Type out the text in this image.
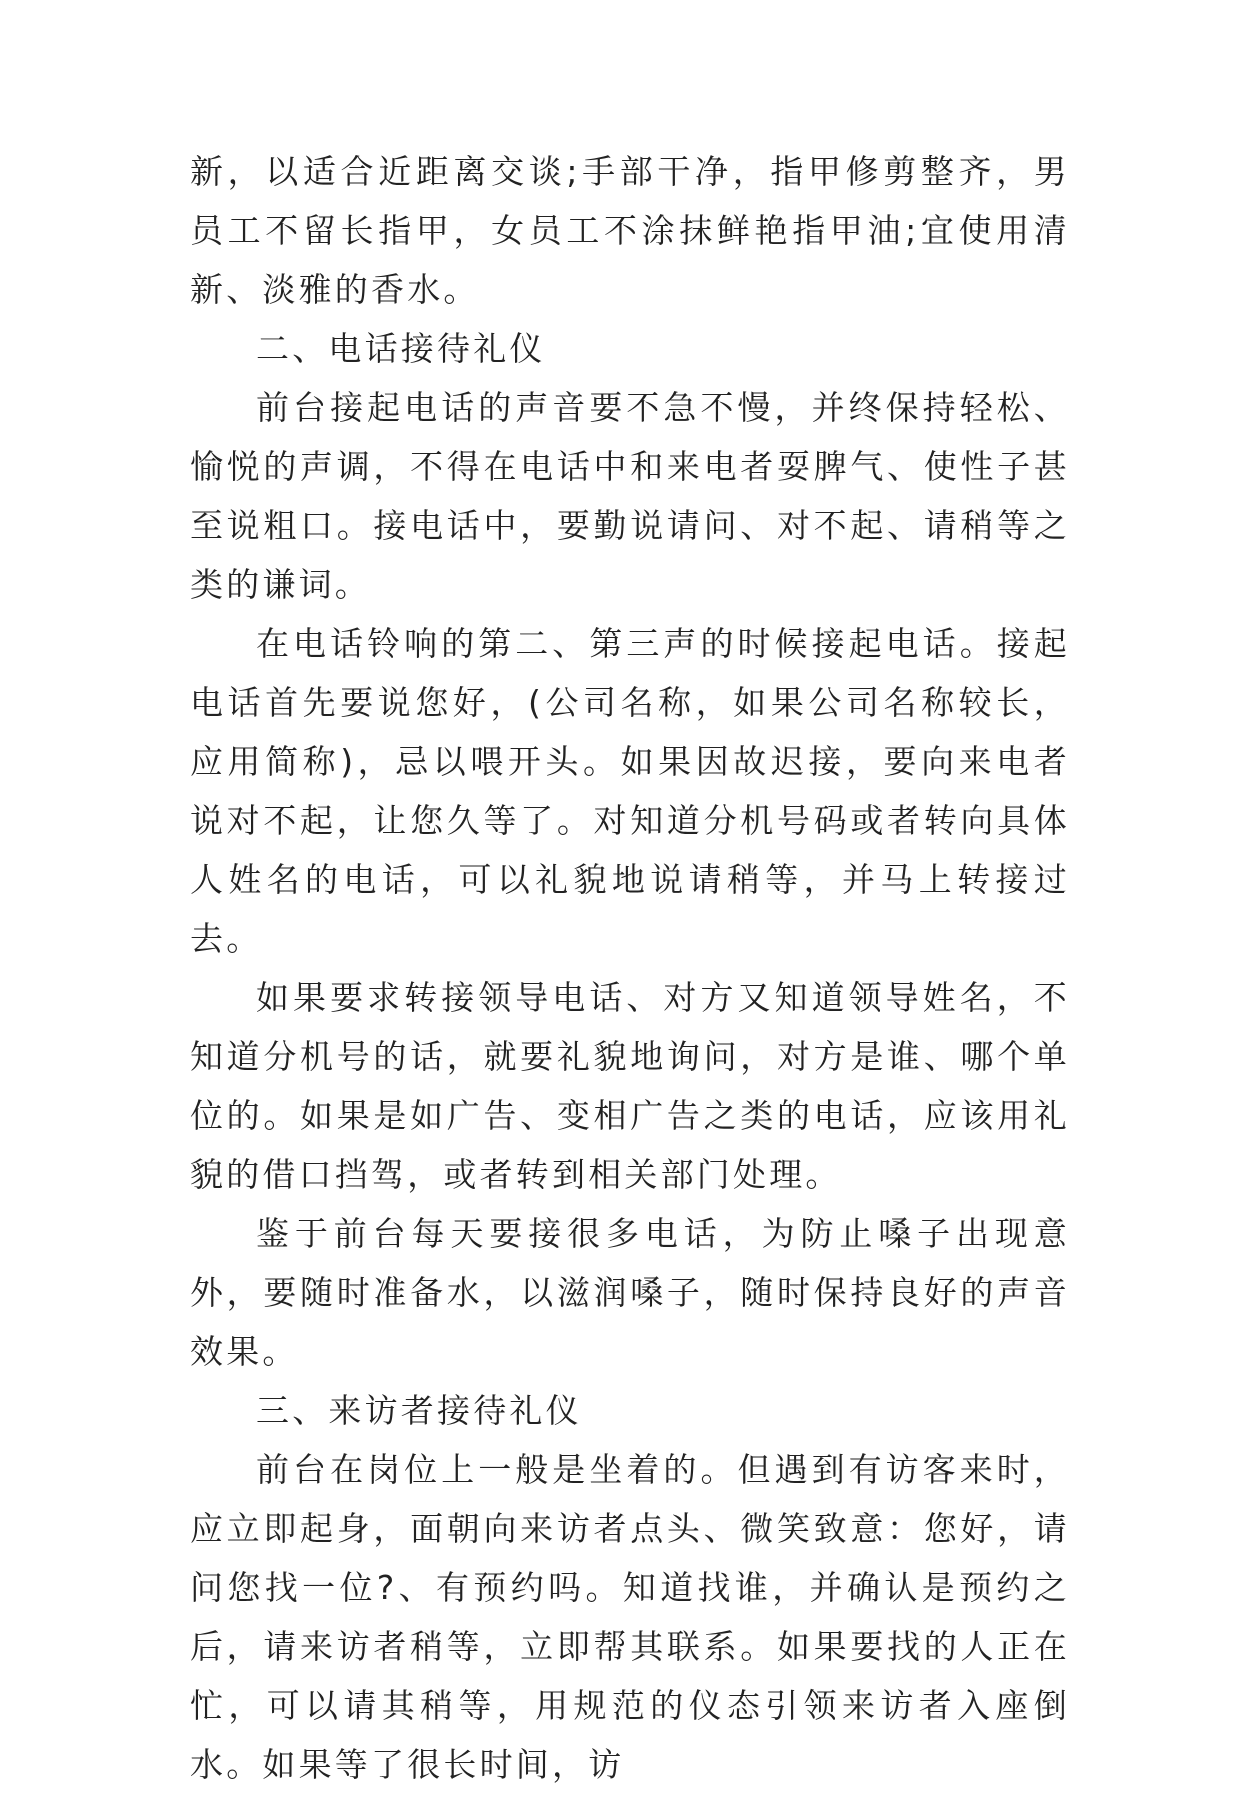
新，以适合近距离交谈;手部干净，指甲修剪整齐，男员工不留长指甲，女员工不涂抹鲜艳指甲油;宜使用清新、淡雅的香水。

二、电话接待礼仪

前台接起电话的声音要不急不慢，并终保持轻松、愉悦的声调，不得在电话中和来电者耍脾气、使性子甚至说粗口。接电话中，要勤说请问、对不起、请稍等之类的谦词。

在电话铃响的第二、第三声的时候接起电话。接起电话首先要说您好，(公司名称，如果公司名称较长，应用简称)，忌以喂开头。如果因故迟接，要向来电者说对不起，让您久等了。对知道分机号码或者转向具体人姓名的电话，可以礼貌地说请稍等，并马上转接过去。

如果要求转接领导电话、对方又知道领导姓名，不知道分机号的话，就要礼貌地询问，对方是谁、哪个单位的。如果是如广告、变相广告之类的电话，应该用礼貌的借口挡驾，或者转到相关部门处理。

鉴于前台每天要接很多电话，为防止嗓子出现意外，要随时准备水，以滋润嗓子，随时保持良好的声音效果。

三、来访者接待礼仪

前台在岗位上一般是坐着的。但遇到有访客来时，应立即起身，面朝向来访者点头、微笑致意：您好，请问您找一位?、有预约吗。知道找谁，并确认是预约之后，请来访者稍等，立即帮其联系。如果要找的人正在忙，可以请其稍等，用规范的仪态引领来访者入座倒水。如果等了很长时间，访
